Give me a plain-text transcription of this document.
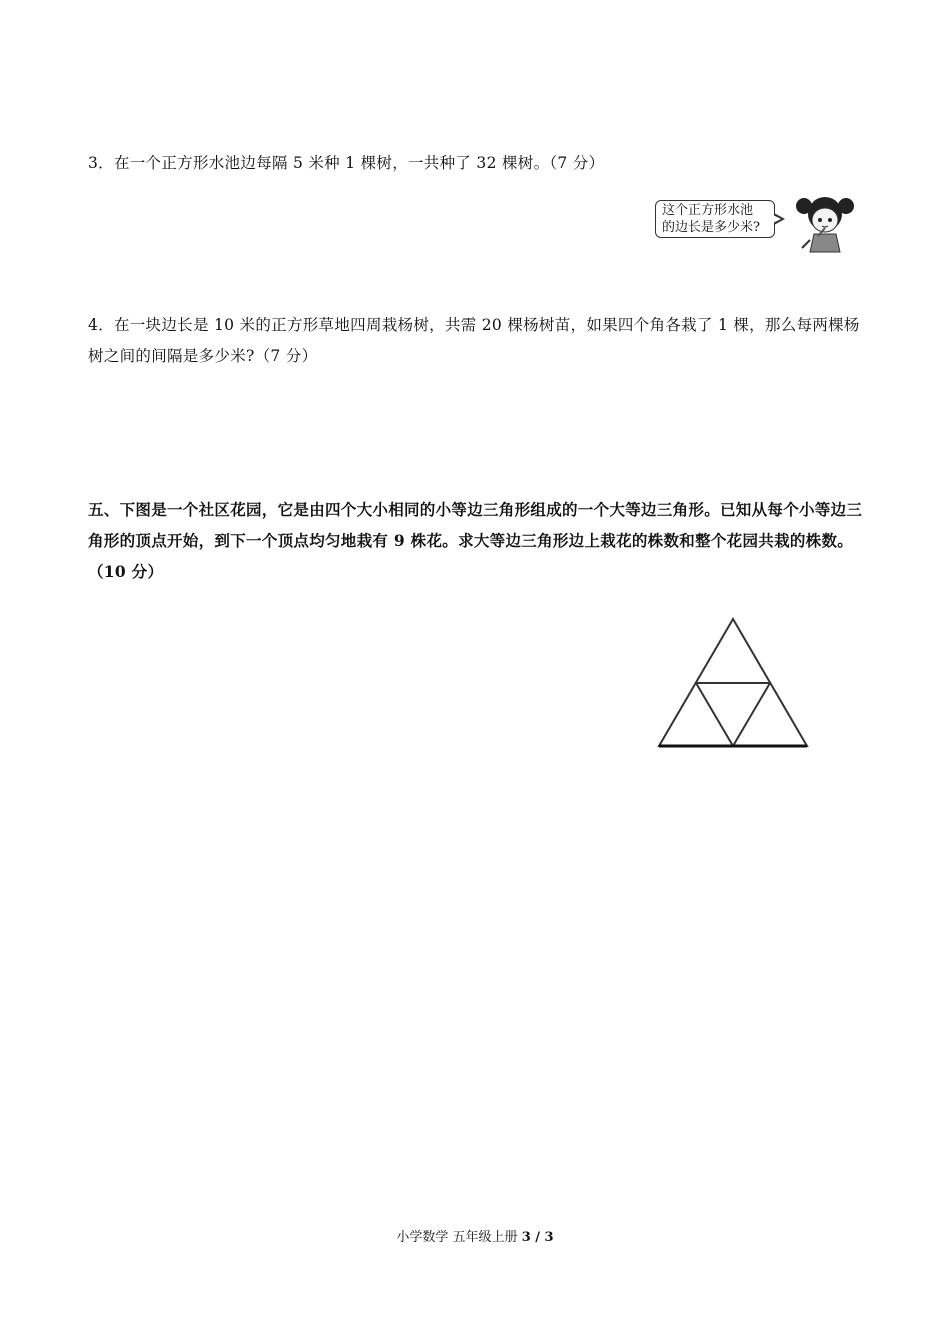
3．在一个正方形水池边每隔 5 米种 1 棵树，一共种了 32 棵树。（7 分）
这个正方形水池
的边长是多少米?
4．在一块边长是 10 米的正方形草地四周栽杨树，共需 20 棵杨树苗，如果四个角各栽了 1 棵，那么每两棵杨树之间的间隔是多少米?（7 分）
五、下图是一个社区花园，它是由四个大小相同的小等边三角形组成的一个大等边三角形。已知从每个小等边三角形的顶点开始，到下一个顶点均匀地栽有 9 株花。求大等边三角形边上栽花的株数和整个花园共栽的株数。（10 分）
小学数学 五年级上册 3 / 3
